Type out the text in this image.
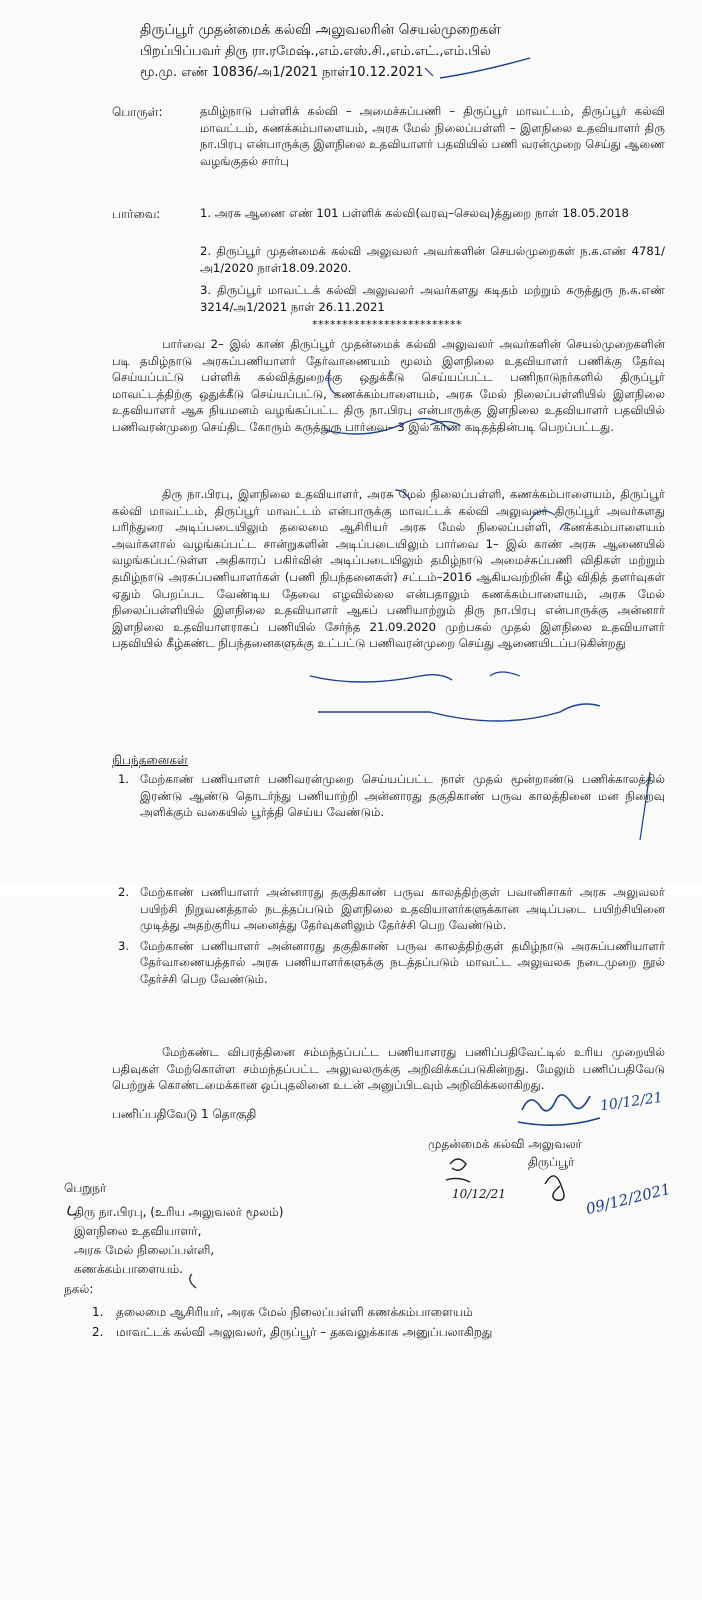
திருப்பூர் முதன்மைக் கல்வி அலுவலரின் செயல்முறைகள்
பிறப்பிப்பவர் திரு ரா.ரமேஷ்.,எம்.எஸ்.சி.,எம்.எட்.,எம்.பில்
மூ.மு. எண் 10836/அ1/2021 நாள்10.12.2021
பொருள்:	தமிழ்நாடு பள்ளிக் கல்வி – அமைச்சுப்பணி – திருப்பூர் மாவட்டம், திருப்பூர் கல்வி மாவட்டம், கணக்கம்பாளையம், அரசு மேல் நிலைப்பள்ளி – இளநிலை உதவியாளர் திரு நா.பிரபு என்பாருக்கு இளநிலை உதவியாளர் பதவியில் பணி வரன்முறை செய்து ஆணை வழங்குதல் சார்பு
பார்வை:	1. அரசு ஆணை எண் 101 பள்ளிக் கல்வி(வரவு–செலவு)த்துறை நாள் 18.05.2018
2. திருப்பூர் முதன்மைக் கல்வி அலுவலர் அவர்களின் செயல்முறைகள் ந.க.எண் 4781/அ1/2020 நாள்18.09.2020.
3. திருப்பூர் மாவட்டக் கல்வி அலுவலர் அவர்களது கடிதம் மற்றும் கருத்துரு ந.க.எண் 3214/அ1/2021 நாள் 26.11.2021
*************************
பார்வை 2– இல் காண் திருப்பூர் முதன்மைக் கல்வி அலுவலர் அவர்களின் செயல்முறைகளின் படி தமிழ்நாடு அரசுப்பணியாளர் தேர்வாணையம் மூலம் இளநிலை உதவியாளர் பணிக்கு தேர்வு செய்யப்பட்டு பள்ளிக் கல்வித்துறைக்கு ஒதுக்கீடு செய்யப்பட்ட பணிநாடுநர்களில் திருப்பூர் மாவட்டத்திற்கு ஒதுக்கீடு செய்யப்பட்டு, கணக்கம்பாளையம், அரசு மேல் நிலைப்பள்ளியில் இளநிலை உதவியாளர் ஆக நியமனம் வழங்கப்பட்ட திரு நா.பிரபு என்பாருக்கு இளநிலை உதவியாளர் பதவியில் பணிவரன்முறை செய்திட கோரும் கருத்துரு பார்வை– 3 இல் காண் கடிதத்தின்படி பெறப்பட்டது.
திரு நா.பிரபு, இளநிலை உதவியாளர், அரசு மேல் நிலைப்பள்ளி, கணக்கம்பாளையம், திருப்பூர் கல்வி மாவட்டம், திருப்பூர் மாவட்டம் என்பாருக்கு மாவட்டக் கல்வி அலுவலர் திருப்பூர் அவர்களது பரிந்துரை அடிப்படையிலும் தலைமை ஆசிரியர் அரசு மேல் நிலைப்பள்ளி, கணக்கம்பாளையம் அவர்களால் வழங்கப்பட்ட சான்றுகளின் அடிப்படையிலும் பார்வை 1– இல் காண் அரசு ஆணையில் வழங்கப்பட்டுள்ள அதிகாரப் பகிர்வின் அடிப்படையிலும் தமிழ்நாடு அமைச்சுப்பணி விதிகள் மற்றும் தமிழ்நாடு அரசுப்பணியாளர்கள் (பணி நிபந்தனைகள்) சட்டம்–2016 ஆகியவற்றின் கீழ் விதித் தளர்வுகள் ஏதும் பெறப்பட வேண்டிய தேவை எழவில்லை என்பதாலும் கணக்கம்பாளையம், அரசு மேல் நிலைப்பள்ளியில் இளநிலை உதவியாளர் ஆகப் பணியாற்றும் திரு நா.பிரபு என்பாருக்கு அன்னார் இளநிலை உதவியாளராகப் பணியில் சேர்ந்த 21.09.2020 முற்பகல் முதல் இளநிலை உதவியாளர் பதவியில் கீழ்கண்ட நிபந்தனைகளுக்கு உட்பட்டு பணிவரன்முறை செய்து ஆணையிடப்படுகின்றது
நிபந்தனைகள்
1. மேற்காண் பணியாளர் பணிவரன்முறை செய்யப்பட்ட நாள் முதல் மூன்றாண்டு பணிக்காலத்தில் இரண்டு ஆண்டு தொடர்ந்து பணியாற்றி அன்னாரது தகுதிகாண் பருவ காலத்தினை மன நிறைவு அளிக்கும் வகையில் பூர்த்தி செய்ய வேண்டும்.
2. மேற்காண் பணியாளர் அன்னாரது தகுதிகாண் பருவ காலத்திற்குள் பவானிசாகர் அரசு அலுவலர் பயிற்சி நிறுவனத்தால் நடத்தப்படும் இளநிலை உதவியாளர்களுக்கான அடிப்படை பயிற்சியினை முடித்து அதற்குரிய அனைத்து தேர்வுகளிலும் தேர்ச்சி பெற வேண்டும்.
3. மேற்காண் பணியாளர் அன்னாரது தகுதிகாண் பருவ காலத்திற்குள் தமிழ்நாடு அரசுப்பணியாளர் தேர்வாணையத்தால் அரசு பணியாளர்களுக்கு நடத்தப்படும் மாவட்ட அலுவலக நடைமுறை நூல் தேர்ச்சி பெற வேண்டும்.
மேற்கண்ட விபரத்தினை சம்மந்தப்பட்ட பணியாளரது பணிப்பதிவேட்டில் உரிய முறையில் பதிவுகள் மேற்கொள்ள சம்மந்தப்பட்ட அலுவலருக்கு அறிவிக்கப்படுகின்றது. மேலும் பணிப்பதிவேடு பெற்றுக் கொண்டமைக்கான ஒப்புதலினை உடன் அனுப்பிடவும் அறிவிக்கலாகிறது.
பணிப்பதிவேடு 1 தொகுதி	10/12/21
முதன்மைக் கல்வி அலுவலர்
திருப்பூர்
10/12/21	09/12/2021
பெறுநர்
திரு நா.பிரபு, (உரிய அலுவலர் மூலம்)
இளநிலை உதவியாளர்,
அரசு மேல் நிலைப்பள்ளி,
கணக்கம்பாளையம்.
நகல்:
1. தலைமை ஆசிரியர், அரசு மேல் நிலைப்பள்ளி கணக்கம்பாளையம்
2. மாவட்டக் கல்வி அலுவலர், திருப்பூர் – தகவலுக்காக அனுப்பலாகிறது
